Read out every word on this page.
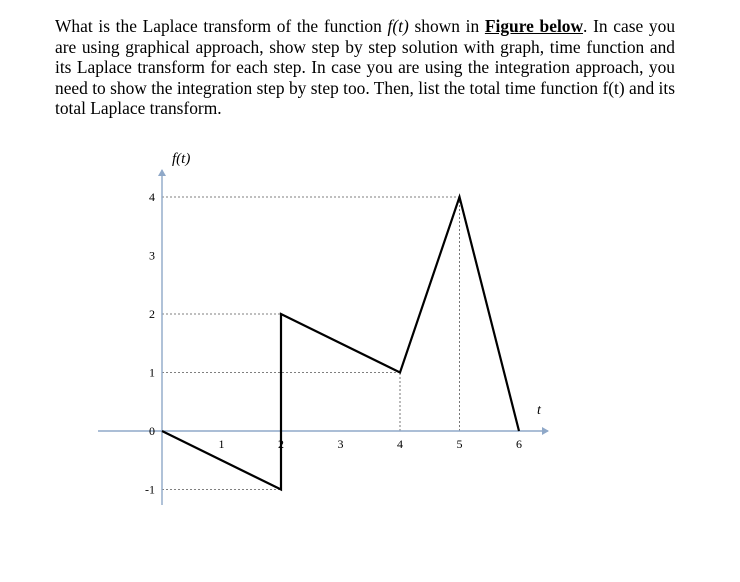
What is the Laplace transform of the function f(t) shown in Figure below. In case you are using graphical approach, show step by step solution with graph, time function and its Laplace transform for each step. In case you are using the integration approach, you need to show the integration step by step too. Then, list the total time function f(t) and its total Laplace transform.
4
3
2
1
0
-1
1	2	3	4	5	6
f(t)
t
